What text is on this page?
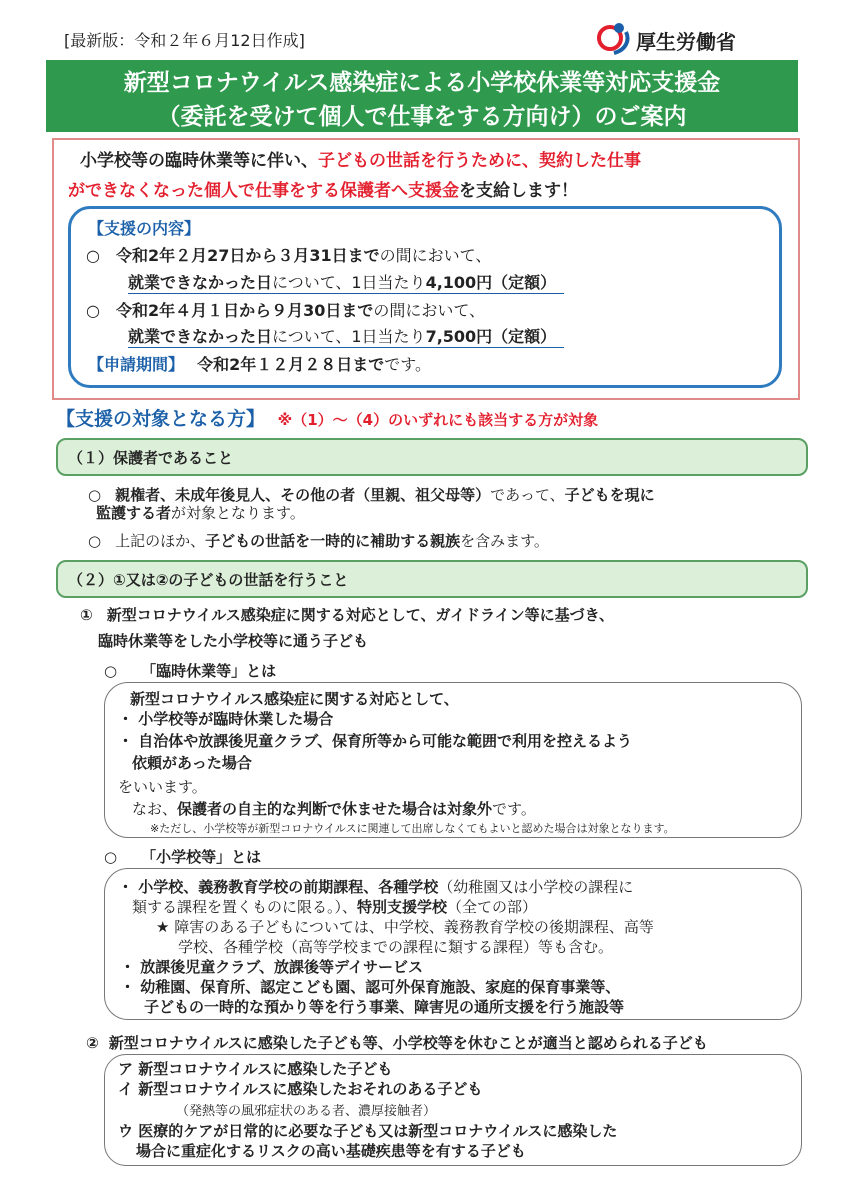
[最新版：令和２年６月12日作成]	厚生労働省
新型コロナウイルス感染症による小学校休業等対応支援金
（委託を受けて個人で仕事をする方向け）のご案内
小学校等の臨時休業等に伴い、子どもの世話を行うために、契約した仕事
ができなくなった個人で仕事をする保護者へ支援金を支給します！
【支援の内容】
○ 令和2年２月27日から３月31日までの間において、
就業できなかった日について、1日当たり4,100円（定額）
○ 令和2年４月１日から９月30日までの間において、
就業できなかった日について、1日当たり7,500円（定額）
【申請期間】 令和2年１２月２８日までです。
【支援の対象となる方】 ※（1）～（4）のいずれにも該当する方が対象
（１）保護者であること
○ 親権者、未成年後見人、その他の者（里親、祖父母等）であって、子どもを現に
監護する者が対象となります。
○ 上記のほか、子どもの世話を一時的に補助する親族を含みます。
（２）①又は②の子どもの世話を行うこと
① 新型コロナウイルス感染症に関する対応として、ガイドライン等に基づき、
臨時休業等をした小学校等に通う子ども
○ 「臨時休業等」とは
新型コロナウイルス感染症に関する対応として、
・ 小学校等が臨時休業した場合
・ 自治体や放課後児童クラブ、保育所等から可能な範囲で利用を控えるよう
依頼があった場合
をいいます。
なお、保護者の自主的な判断で休ませた場合は対象外です。
※ただし、小学校等が新型コロナウイルスに関連して出席しなくてもよいと認めた場合は対象となります。
○ 「小学校等」とは
・ 小学校、義務教育学校の前期課程、各種学校（幼稚園又は小学校の課程に
類する課程を置くものに限る。）、特別支援学校（全ての部）
★ 障害のある子どもについては、中学校、義務教育学校の後期課程、高等
学校、各種学校（高等学校までの課程に類する課程）等も含む。
・ 放課後児童クラブ、放課後等デイサービス
・ 幼稚園、保育所、認定こども園、認可外保育施設、家庭的保育事業等、
子どもの一時的な預かり等を行う事業、障害児の通所支援を行う施設等
② 新型コロナウイルスに感染した子ども等、小学校等を休むことが適当と認められる子ども
ア 新型コロナウイルスに感染した子ども
イ 新型コロナウイルスに感染したおそれのある子ども
（発熱等の風邪症状のある者、濃厚接触者）
ウ 医療的ケアが日常的に必要な子ども又は新型コロナウイルスに感染した
場合に重症化するリスクの高い基礎疾患等を有する子ども
